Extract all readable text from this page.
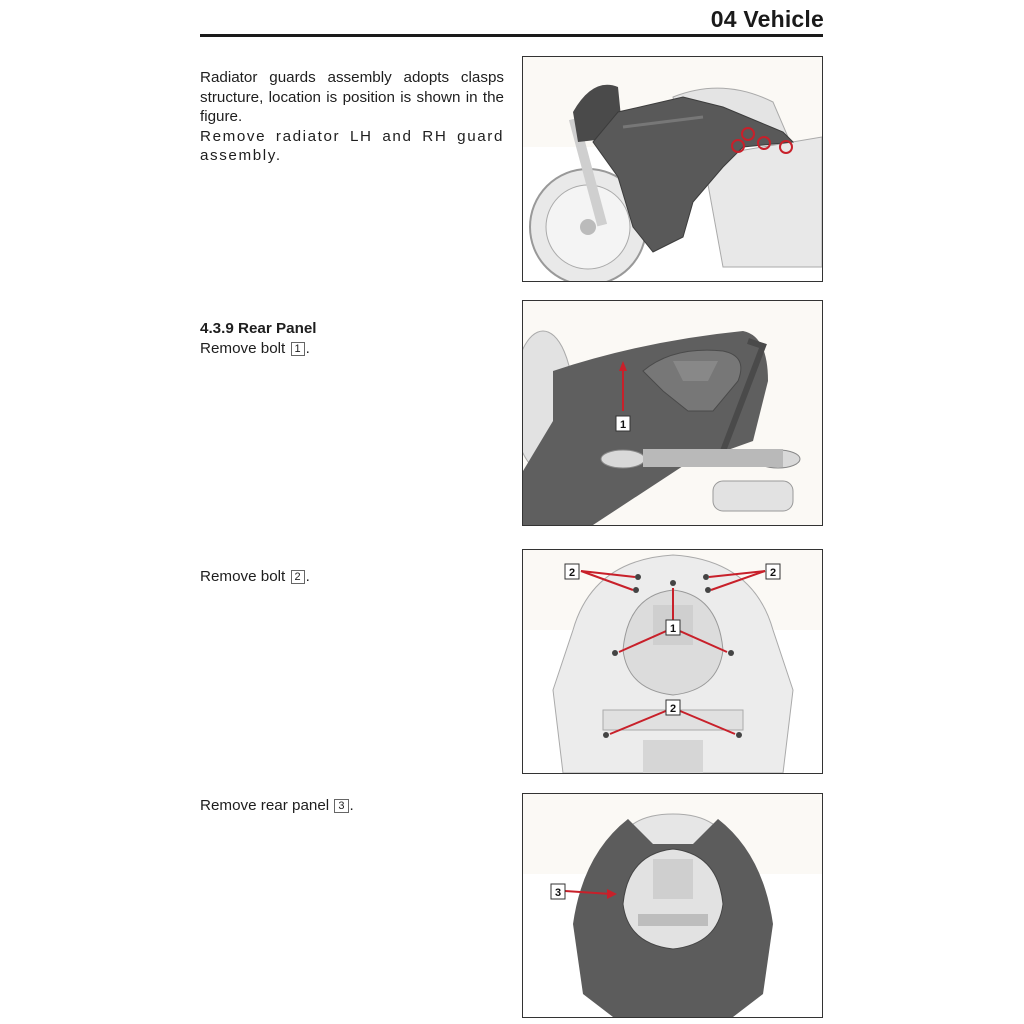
04 Vehicle
Radiator guards assembly adopts clasps structure, location is position is shown in the figure.
Remove radiator LH and RH guard assembly.
4.3.9 Rear Panel
Remove bolt 1 .
1
Remove bolt 2 .	2	2
1
2
Remove rear panel 3 .
3
